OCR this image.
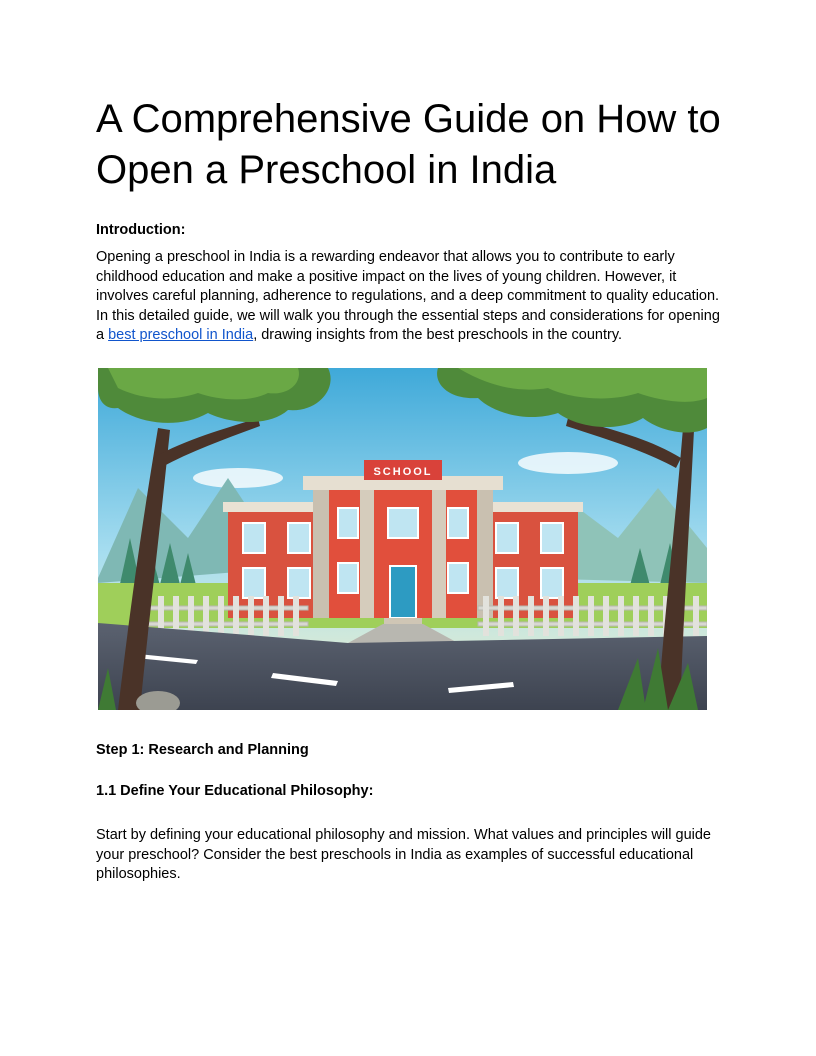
A Comprehensive Guide on How to Open a Preschool in India

Introduction:

Opening a preschool in India is a rewarding endeavor that allows you to contribute to early childhood education and make a positive impact on the lives of young children. However, it involves careful planning, adherence to regulations, and a deep commitment to quality education. In this detailed guide, we will walk you through the essential steps and considerations for opening a best preschool in India, drawing insights from the best preschools in the country.

SCHOOL

Step 1: Research and Planning

1.1 Define Your Educational Philosophy:

Start by defining your educational philosophy and mission. What values and principles will guide your preschool? Consider the best preschools in India as examples of successful educational philosophies.
